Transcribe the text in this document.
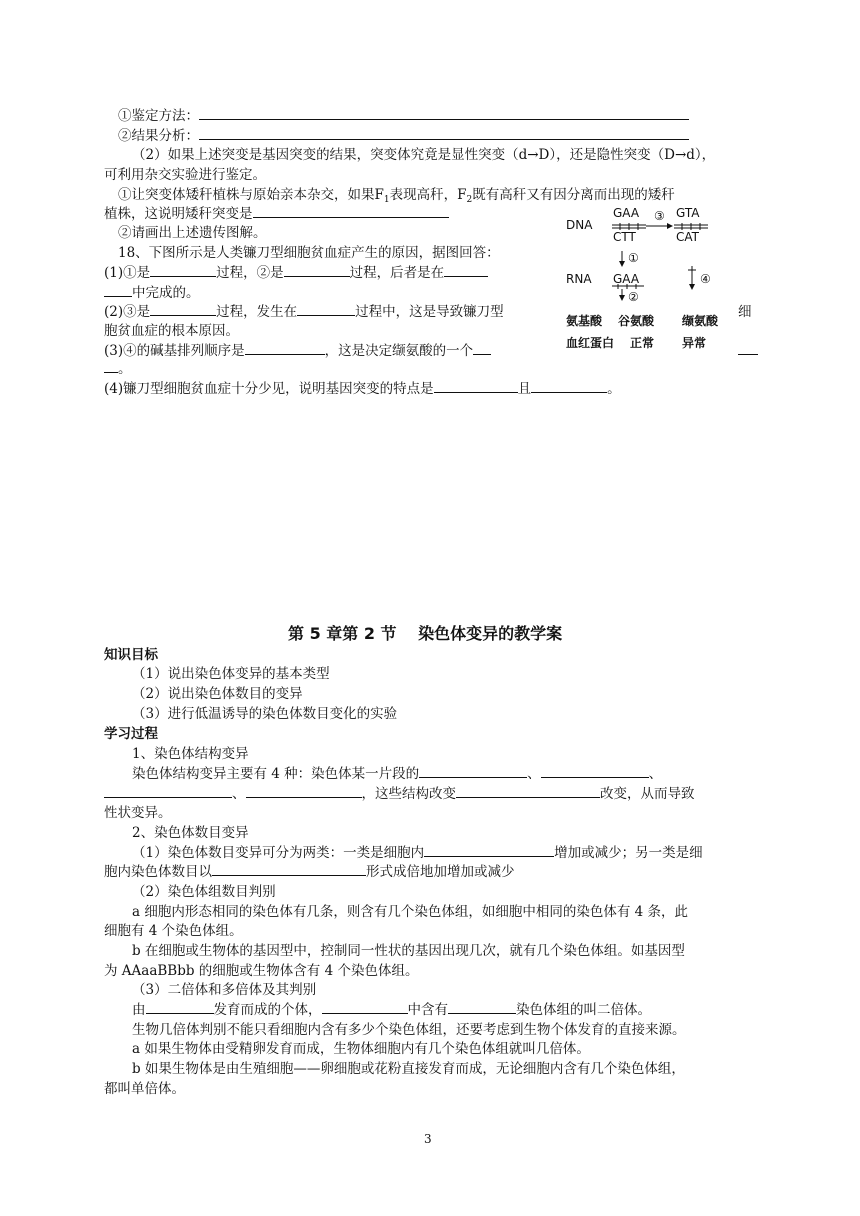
①鉴定方法：
②结果分析：
（2）如果上述突变是基因突变的结果，突变体究竟是显性突变（d→D），还是隐性突变（D→d），
可利用杂交实验进行鉴定。
①让突变体矮秆植株与原始亲本杂交，如果$F_1$表现高秆，$F_2$既有高秆又有因分离而出现的矮秆
植株，这说明矮秆突变是
②请画出上述遗传图解。
18、下图所示是人类镰刀型细胞贫血症产生的原因，据图回答：
(1)①是	过程，②是	过程，后者是在
中完成的。
(2)③是	过程，发生在	过程中，这是导致镰刀型	细
胞贫血症的根本原因。
(3)④的碱基排列顺序是	，这是决定缬氨酸的一个
。
(4)镰刀型细胞贫血症十分少见，说明基因突变的特点是	且	。
DNA
GAA
CTT
③ GTA
CAT
①
RNA GAA
②
④
氨基酸 谷氨酸 缬氨酸
血红蛋白 正常 异常
第 5 章第 2 节　 染色体变异的教学案
知识目标
（1）说出染色体变异的基本类型
（2）说出染色体数目的变异
（3）进行低温诱导的染色体数目变化的实验
学习过程
1、染色体结构变异
染色体结构变异主要有 4 种：染色体某一片段的	、	、
、	，这些结构改变	改变，从而导致
性状变异。
2、染色体数目变异
（1）染色体数目变异可分为两类：一类是细胞内	增加或减少；另一类是细
胞内染色体数目以	形式成倍地加增加或减少
（2）染色体组数目判别
a 细胞内形态相同的染色体有几条，则含有几个染色体组，如细胞中相同的染色体有 4 条，此
细胞有 4 个染色体组。
b 在细胞或生物体的基因型中，控制同一性状的基因出现几次，就有几个染色体组。如基因型
为 AAaaBBbb 的细胞或生物体含有 4 个染色体组。
（3）二倍体和多倍体及其判别
由	发育而成的个体，	中含有	染色体组的叫二倍体。
生物几倍体判别不能只看细胞内含有多少个染色体组，还要考虑到生物个体发育的直接来源。
a 如果生物体由受精卵发育而成，生物体细胞内有几个染色体组就叫几倍体。
b 如果生物体是由生殖细胞——卵细胞或花粉直接发育而成，无论细胞内含有几个染色体组，
都叫单倍体。
3
